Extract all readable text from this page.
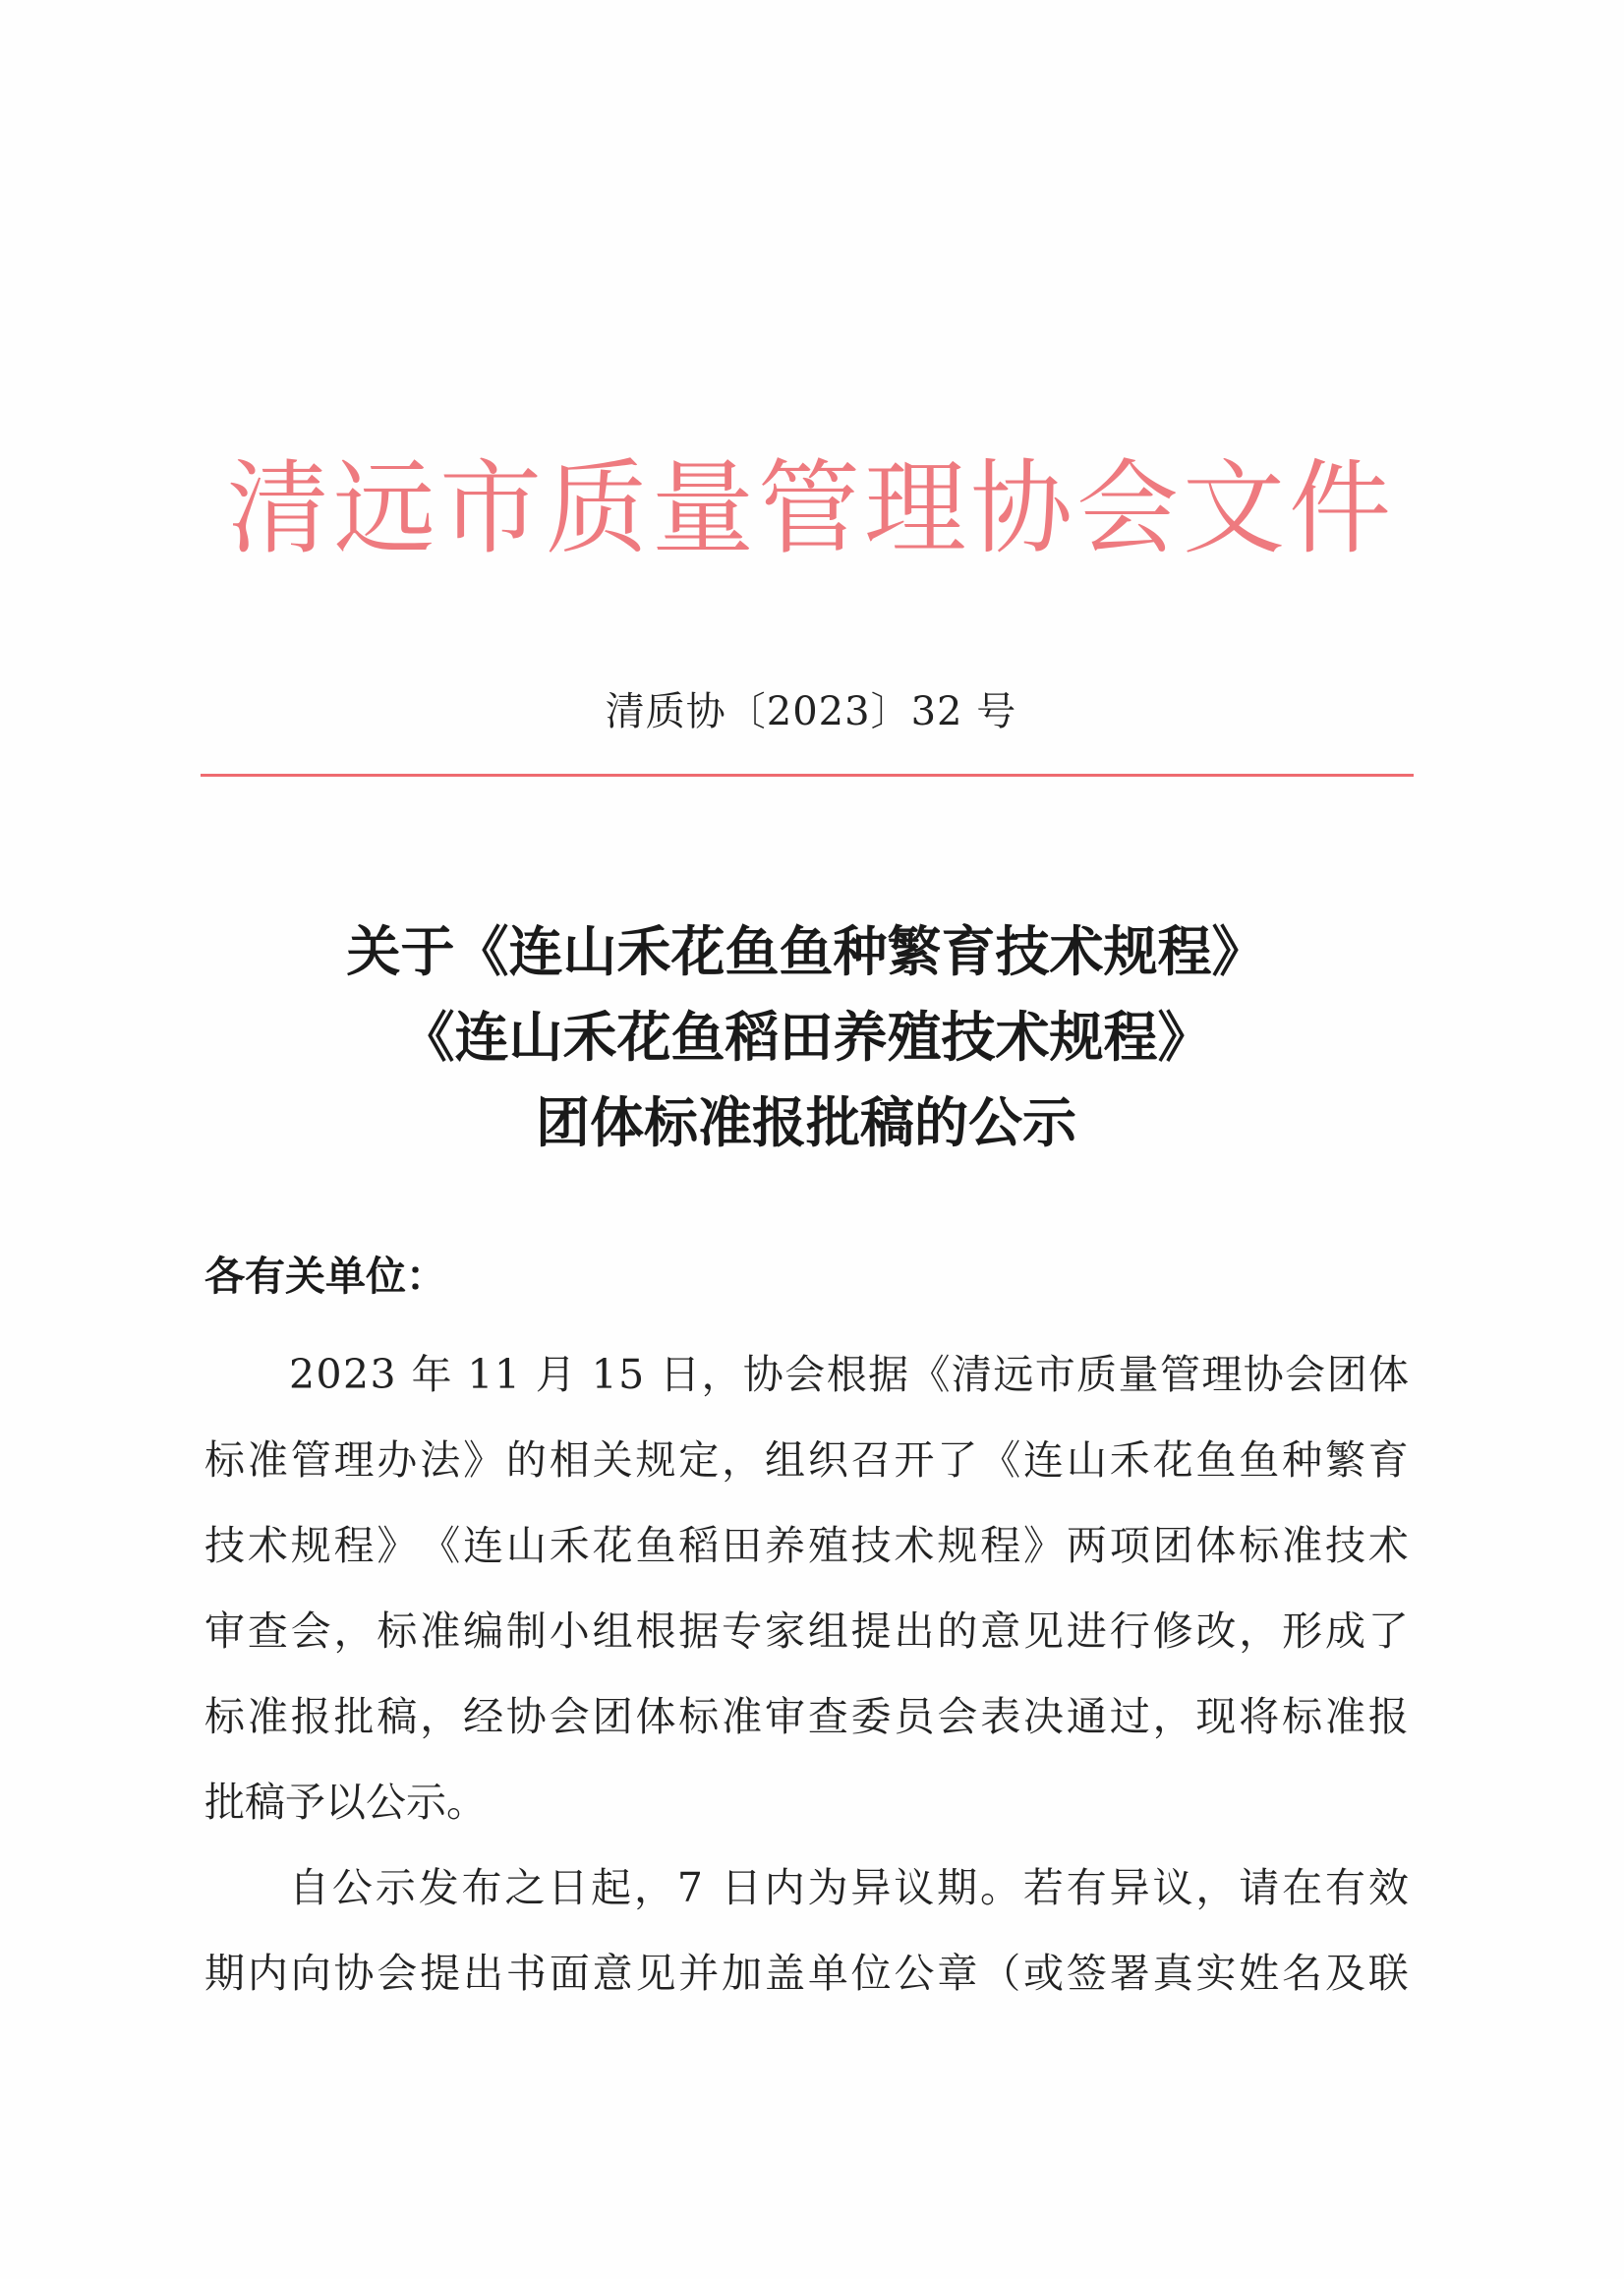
清远市质量管理协会文件
清质协〔2023〕32 号
关于《连山禾花鱼鱼种繁育技术规程》
《连山禾花鱼稻田养殖技术规程》
团体标准报批稿的公示
各有关单位：
2 0 2 3
年
1 1
月
1 5
日 ， 协 会 根 据 《 清 远 市 质 量 管 理 协 会 团 体
标 准 管 理 办 法 》 的 相 关 规 定 ， 组 织 召 开 了 《 连 山 禾 花 鱼 鱼 种 繁 育
技 术 规 程 》 《 连 山 禾 花 鱼 稻 田 养 殖 技 术 规 程 》 两 项 团 体 标 准 技 术
审 查 会 ， 标 准 编 制 小 组 根 据 专 家 组 提 出 的 意 见 进 行 修 改 ， 形 成 了
标 准 报 批 稿 ， 经 协 会 团 体 标 准 审 查 委 员 会 表 决 通 过 ， 现 将 标 准 报
批 稿 予 以 公 示 。
自 公 示 发 布 之 日 起 ， 7
日 内 为 异 议 期 。 若 有 异 议 ， 请 在 有 效
期 内 向 协 会 提 出 书 面 意 见 并 加 盖 单 位 公 章 （ 或 签 署 真 实 姓 名 及 联
